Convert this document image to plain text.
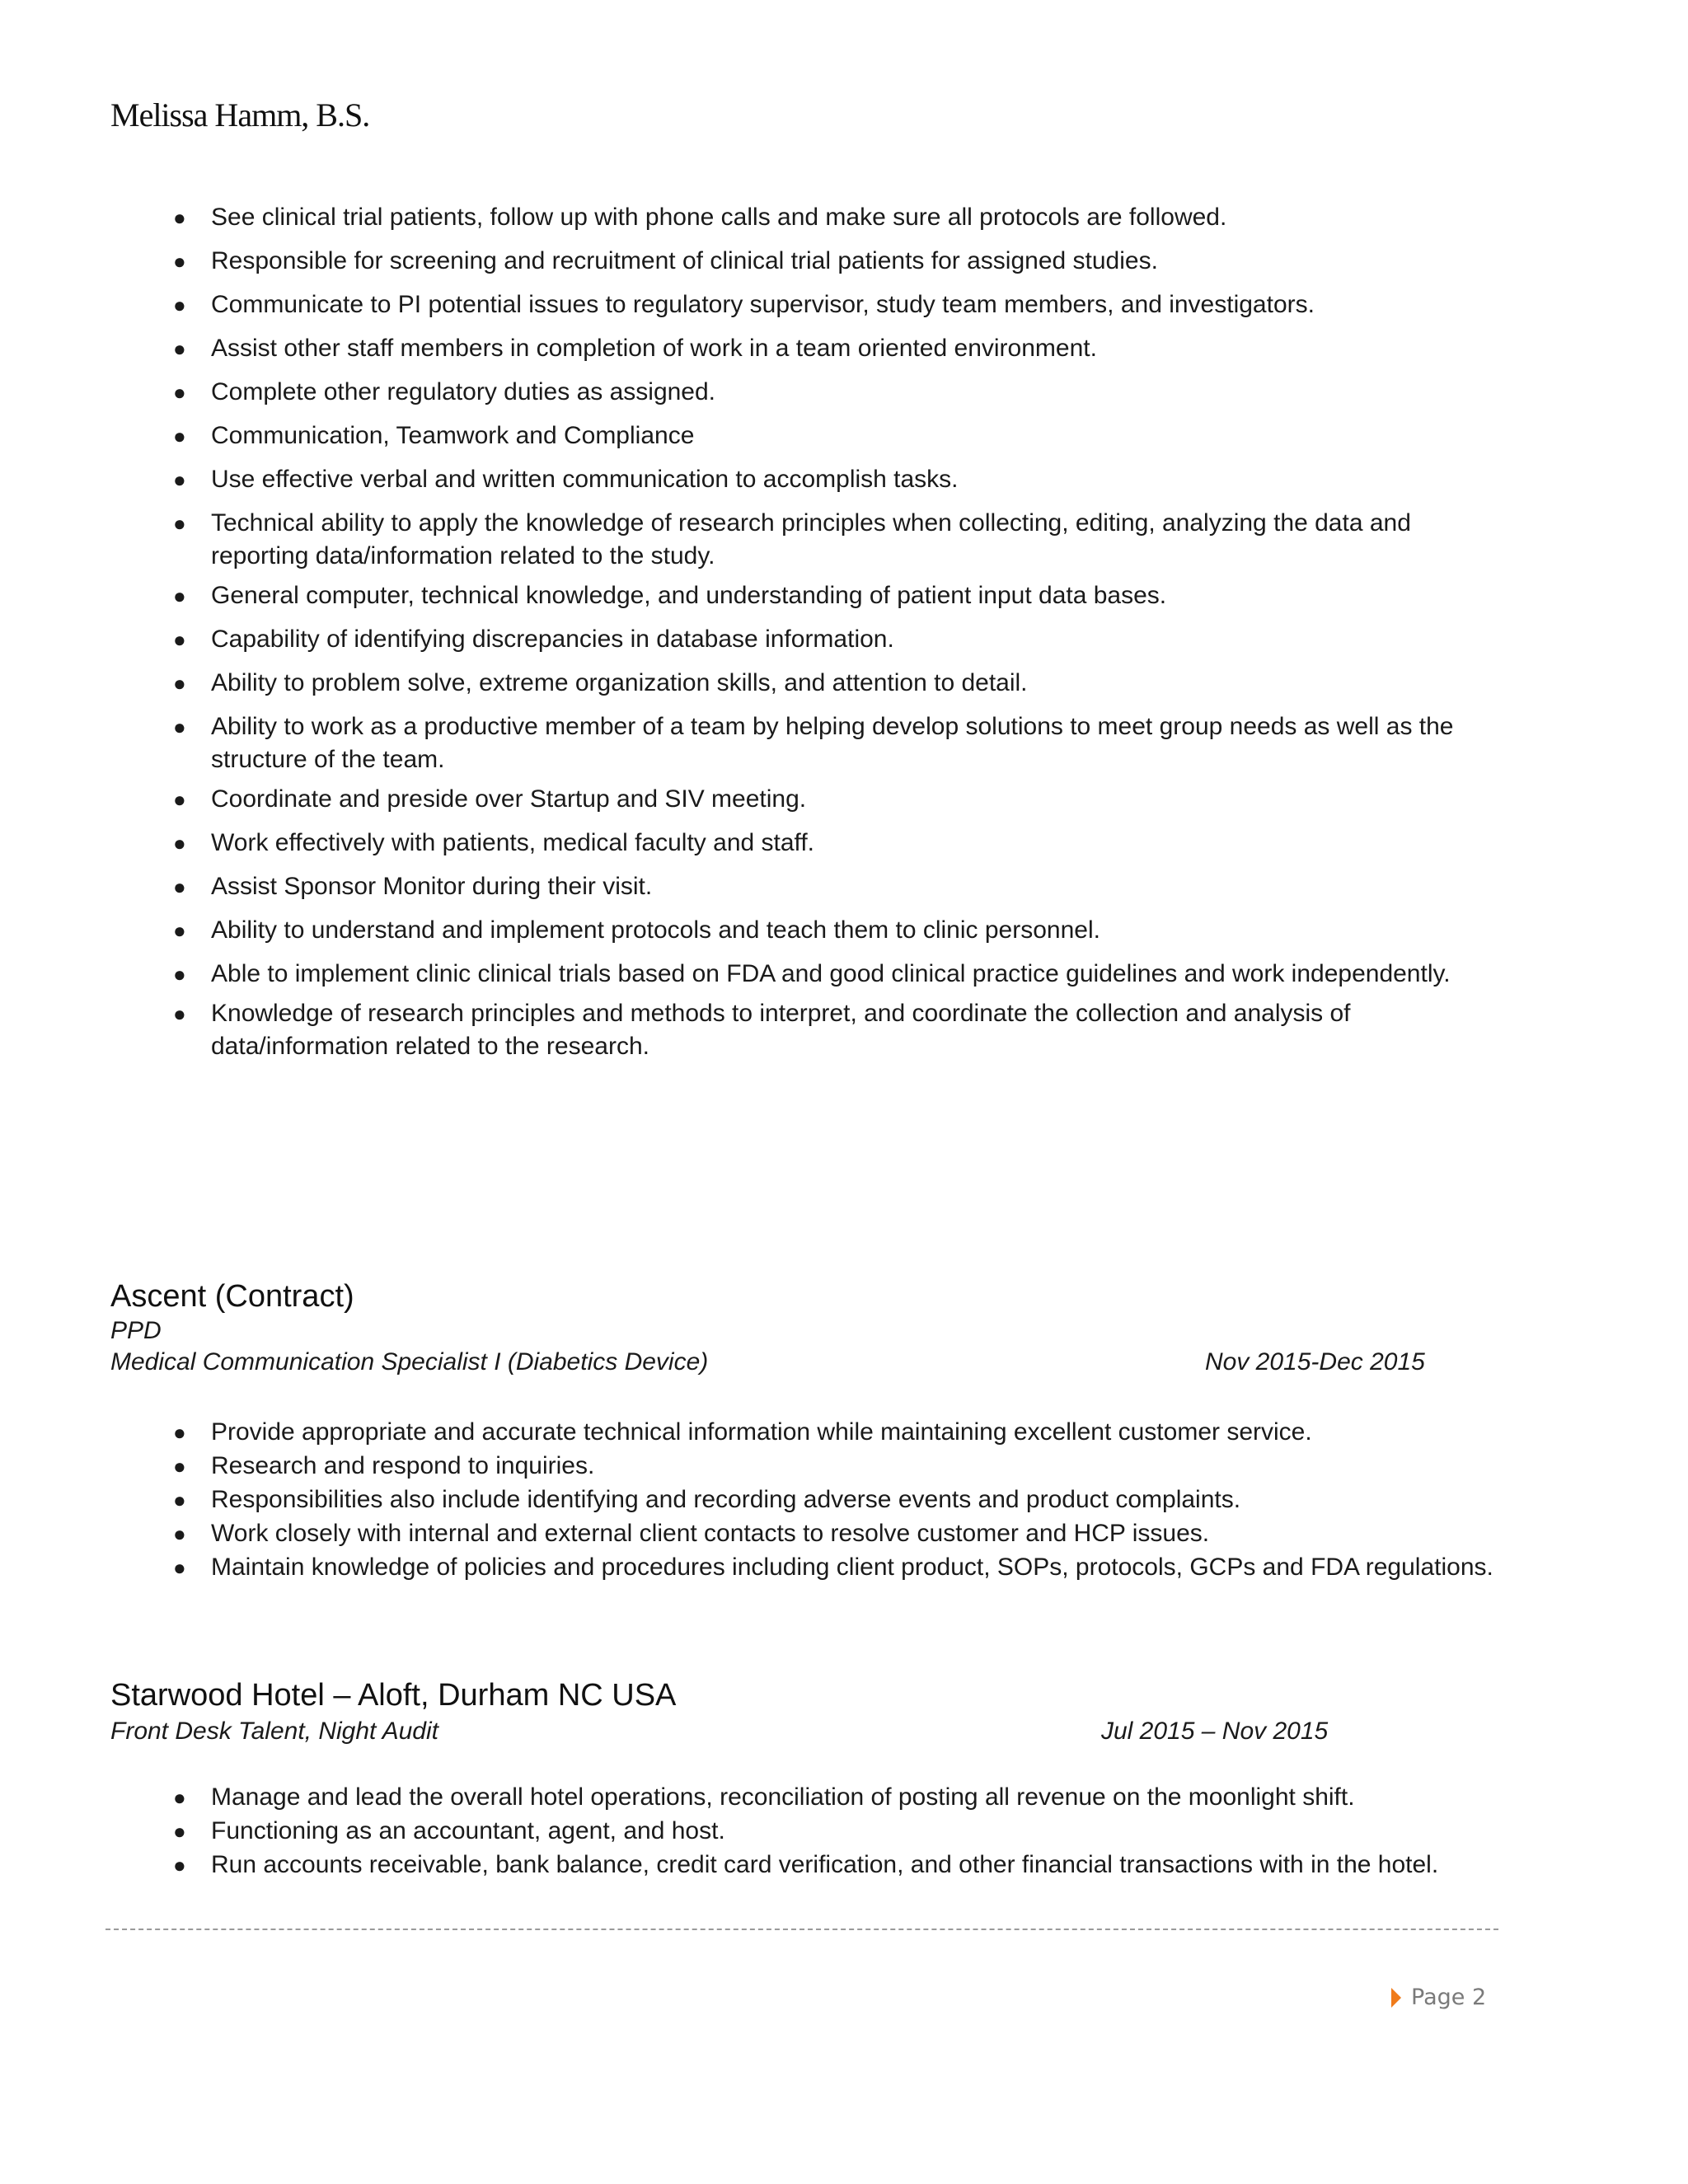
Melissa Hamm, B.S.
● See clinical trial patients, follow up with phone calls and make sure all protocols are followed.
● Responsible for screening and recruitment of clinical trial patients for assigned studies.
● Communicate to PI potential issues to regulatory supervisor, study team members, and investigators.
● Assist other staff members in completion of work in a team oriented environment.
● Complete other regulatory duties as assigned.
● Communication, Teamwork and Compliance
● Use effective verbal and written communication to accomplish tasks.
● Technical ability to apply the knowledge of research principles when collecting, editing, analyzing the data and reporting data/information related to the study.
● General computer, technical knowledge, and understanding of patient input data bases.
● Capability of identifying discrepancies in database information.
● Ability to problem solve, extreme organization skills, and attention to detail.
● Ability to work as a productive member of a team by helping develop solutions to meet group needs as well as the structure of the team.
● Coordinate and preside over Startup and SIV meeting.
● Work effectively with patients, medical faculty and staff.
● Assist Sponsor Monitor during their visit.
● Ability to understand and implement protocols and teach them to clinic personnel.
● Able to implement clinic clinical trials based on FDA and good clinical practice guidelines and work independently.
● Knowledge of research principles and methods to interpret, and coordinate the collection and analysis of data/information related to the research.
Ascent (Contract)
PPD
Medical Communication Specialist I (Diabetics Device)	Nov 2015-Dec 2015
● Provide appropriate and accurate technical information while maintaining excellent customer service.
● Research and respond to inquiries.
● Responsibilities also include identifying and recording adverse events and product complaints.
● Work closely with internal and external client contacts to resolve customer and HCP issues.
● Maintain knowledge of policies and procedures including client product, SOPs, protocols, GCPs and FDA regulations.
Starwood Hotel – Aloft, Durham NC USA
Front Desk Talent, Night Audit	Jul 2015 – Nov 2015
● Manage and lead the overall hotel operations, reconciliation of posting all revenue on the moonlight shift.
● Functioning as an accountant, agent, and host.
● Run accounts receivable, bank balance, credit card verification, and other financial transactions with in the hotel.
Page 2
